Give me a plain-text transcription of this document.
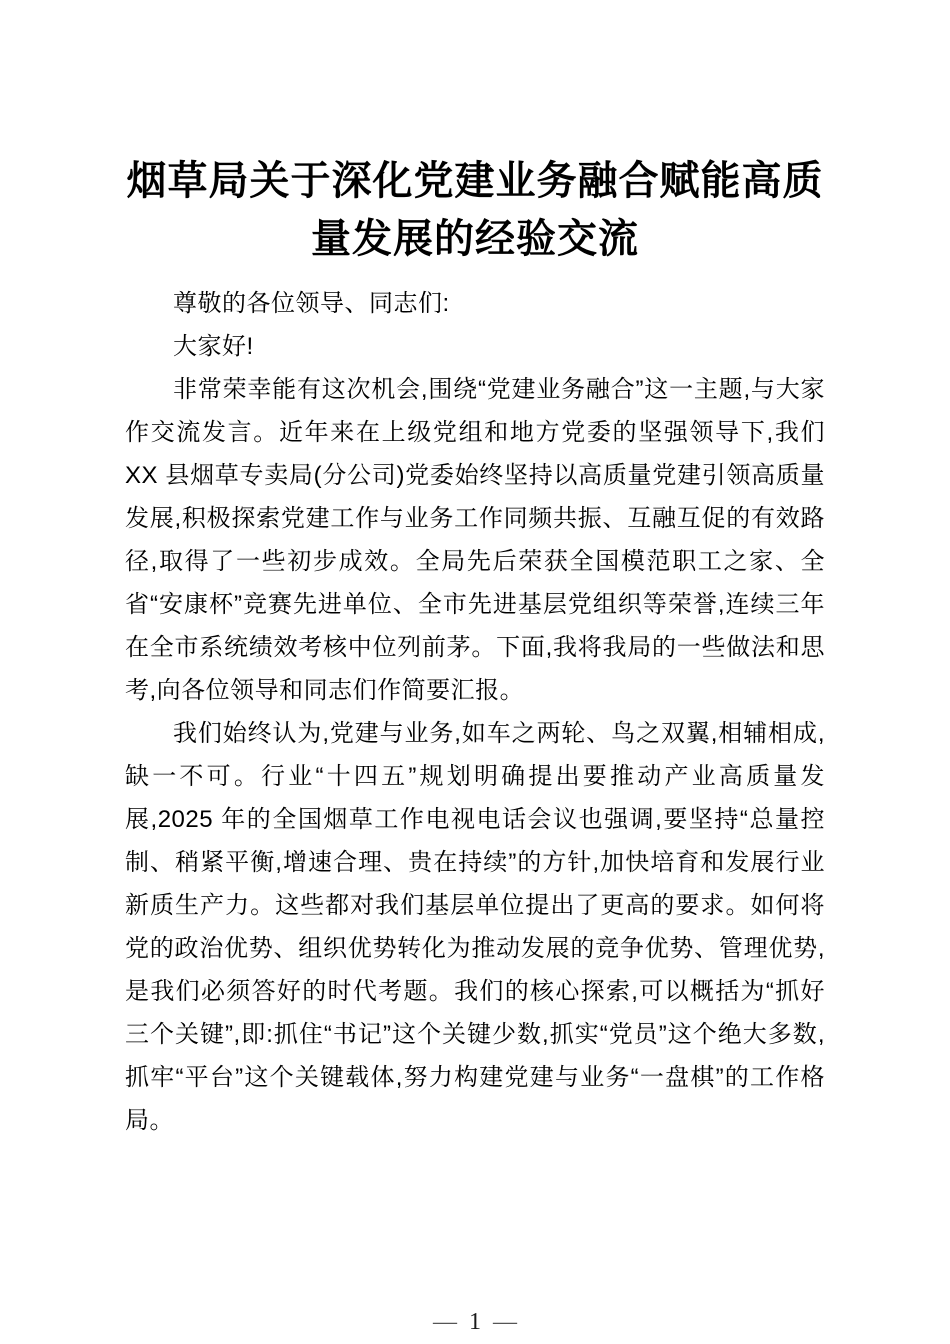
烟草局关于深化党建业务融合赋能高质量发展的经验交流

尊敬的各位领导、同志们:

大家好!

非常荣幸能有这次机会,围绕“党建业务融合”这一主题,与大家作交流发言。近年来在上级党组和地方党委的坚强领导下,我们 XX 县烟草专卖局(分公司)党委始终坚持以高质量党建引领高质量发展,积极探索党建工作与业务工作同频共振、互融互促的有效路径,取得了一些初步成效。全局先后荣获全国模范职工之家、全省“安康杯”竞赛先进单位、全市先进基层党组织等荣誉,连续三年在全市系统绩效考核中位列前茅。下面,我将我局的一些做法和思考,向各位领导和同志们作简要汇报。

我们始终认为,党建与业务,如车之两轮、鸟之双翼,相辅相成,缺一不可。行业“十四五”规划明确提出要推动产业高质量发展,2025 年的全国烟草工作电视电话会议也强调,要坚持“总量控制、稍紧平衡,增速合理、贵在持续”的方针,加快培育和发展行业新质生产力。这些都对我们基层单位提出了更高的要求。如何将党的政治优势、组织优势转化为推动发展的竞争优势、管理优势,是我们必须答好的时代考题。我们的核心探索,可以概括为“抓好三个关键”,即:抓住“书记”这个关键少数,抓实“党员”这个绝大多数,抓牢“平台”这个关键载体,努力构建党建与业务“一盘棋”的工作格局。

— 1 —
